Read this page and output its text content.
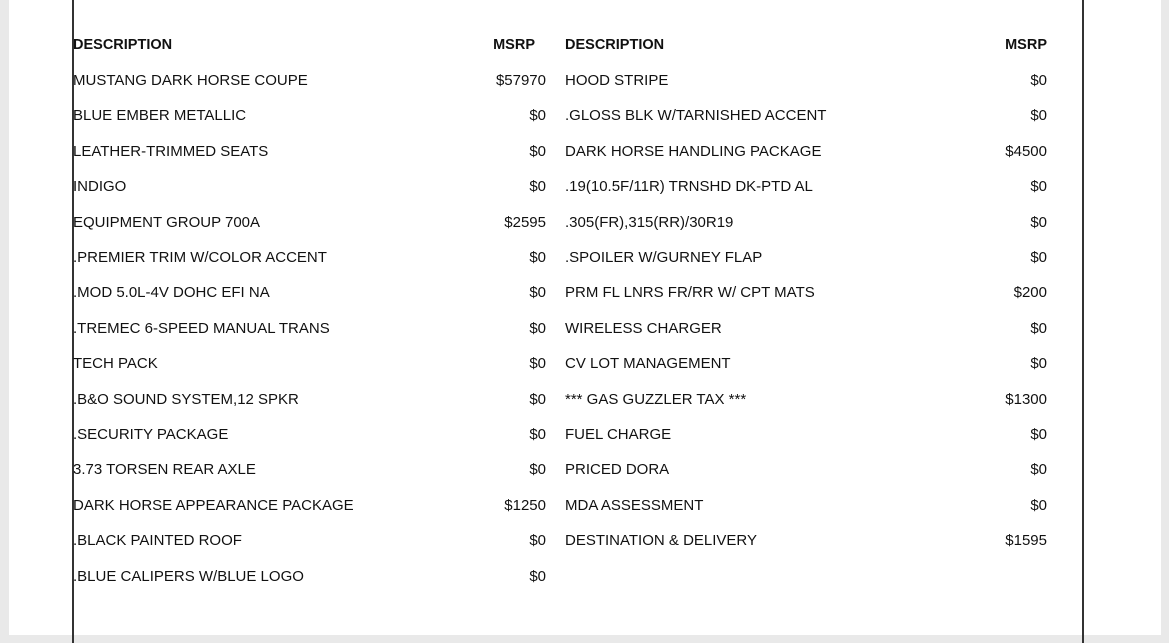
DESCRIPTION	MSRP
MUSTANG DARK HORSE COUPE	$57970
BLUE EMBER METALLIC	$0
LEATHER-TRIMMED SEATS	$0
INDIGO	$0
EQUIPMENT GROUP 700A	$2595
.PREMIER TRIM W/COLOR ACCENT	$0
.MOD 5.0L-4V DOHC EFI NA	$0
.TREMEC 6-SPEED MANUAL TRANS	$0
TECH PACK	$0
.B&O SOUND SYSTEM,12 SPKR	$0
.SECURITY PACKAGE	$0
3.73 TORSEN REAR AXLE	$0
DARK HORSE APPEARANCE PACKAGE	$1250
.BLACK PAINTED ROOF	$0
.BLUE CALIPERS W/BLUE LOGO	$0
DESCRIPTION	MSRP
HOOD STRIPE	$0
.GLOSS BLK W/TARNISHED ACCENT	$0
DARK HORSE HANDLING PACKAGE	$4500
.19(10.5F/11R) TRNSHD DK-PTD AL	$0
.305(FR),315(RR)/30R19	$0
.SPOILER W/GURNEY FLAP	$0
PRM FL LNRS FR/RR W/ CPT MATS	$200
WIRELESS CHARGER	$0
CV LOT MANAGEMENT	$0
*** GAS GUZZLER TAX ***	$1300
FUEL CHARGE	$0
PRICED DORA	$0
MDA ASSESSMENT	$0
DESTINATION & DELIVERY	$1595
